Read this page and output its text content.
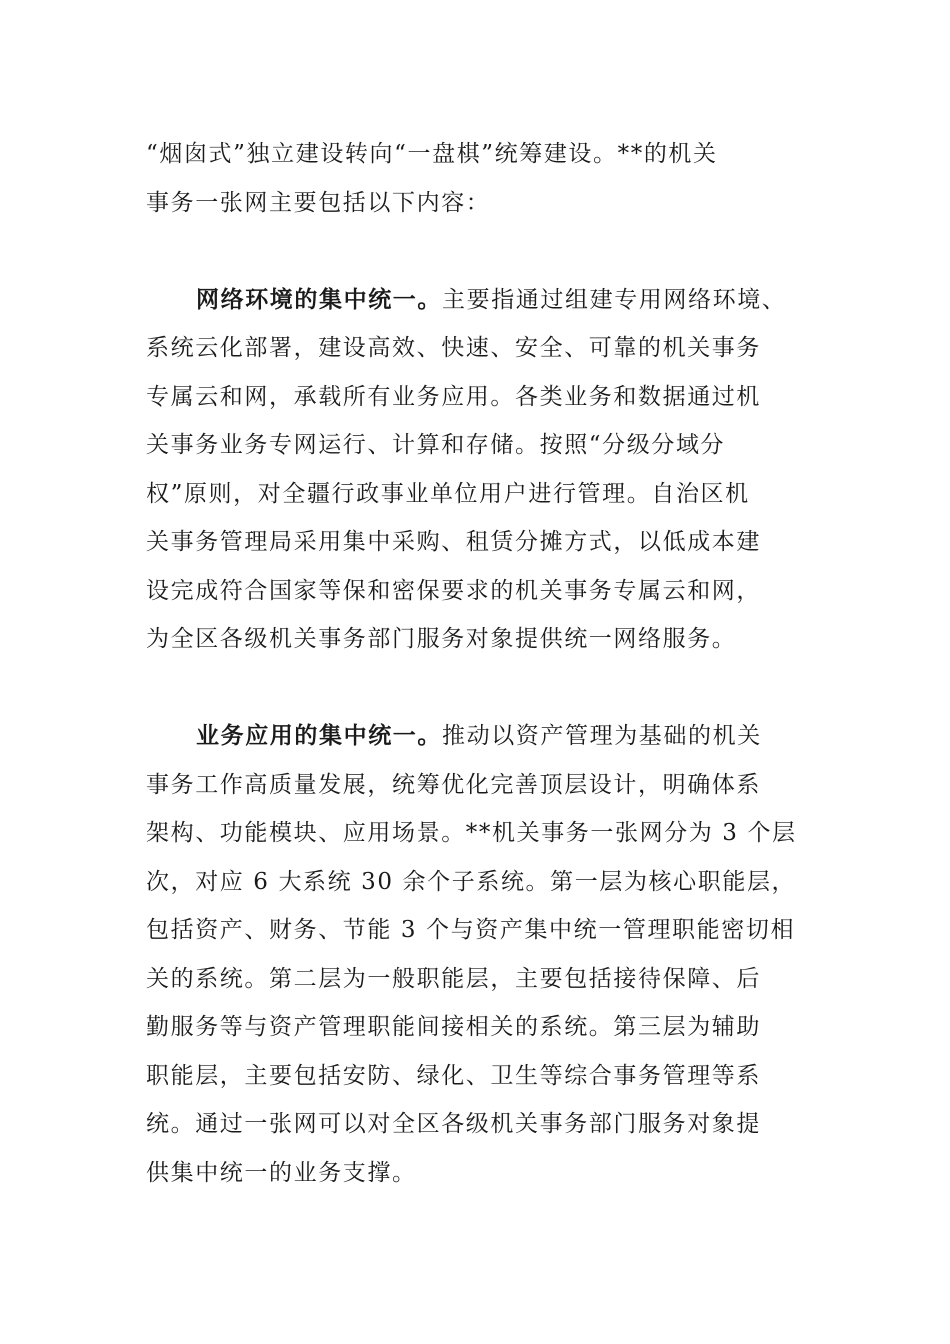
“烟囱式”独立建设转向“一盘棋”统筹建设。**的机关
事务一张网主要包括以下内容：
网络环境的集中统一。主要指通过组建专用网络环境、
系统云化部署，建设高效、快速、安全、可靠的机关事务
专属云和网，承载所有业务应用。各类业务和数据通过机
关事务业务专网运行、计算和存储。按照“分级分域分
权”原则，对全疆行政事业单位用户进行管理。自治区机
关事务管理局采用集中采购、租赁分摊方式，以低成本建
设完成符合国家等保和密保要求的机关事务专属云和网，
为全区各级机关事务部门服务对象提供统一网络服务。
业务应用的集中统一。推动以资产管理为基础的机关
事务工作高质量发展，统筹优化完善顶层设计，明确体系
架构、功能模块、应用场景。**机关事务一张网分为 3 个层
次，对应 6 大系统 30 余个子系统。第一层为核心职能层，
包括资产、财务、节能 3 个与资产集中统一管理职能密切相
关的系统。第二层为一般职能层，主要包括接待保障、后
勤服务等与资产管理职能间接相关的系统。第三层为辅助
职能层，主要包括安防、绿化、卫生等综合事务管理等系
统。通过一张网可以对全区各级机关事务部门服务对象提
供集中统一的业务支撑。
